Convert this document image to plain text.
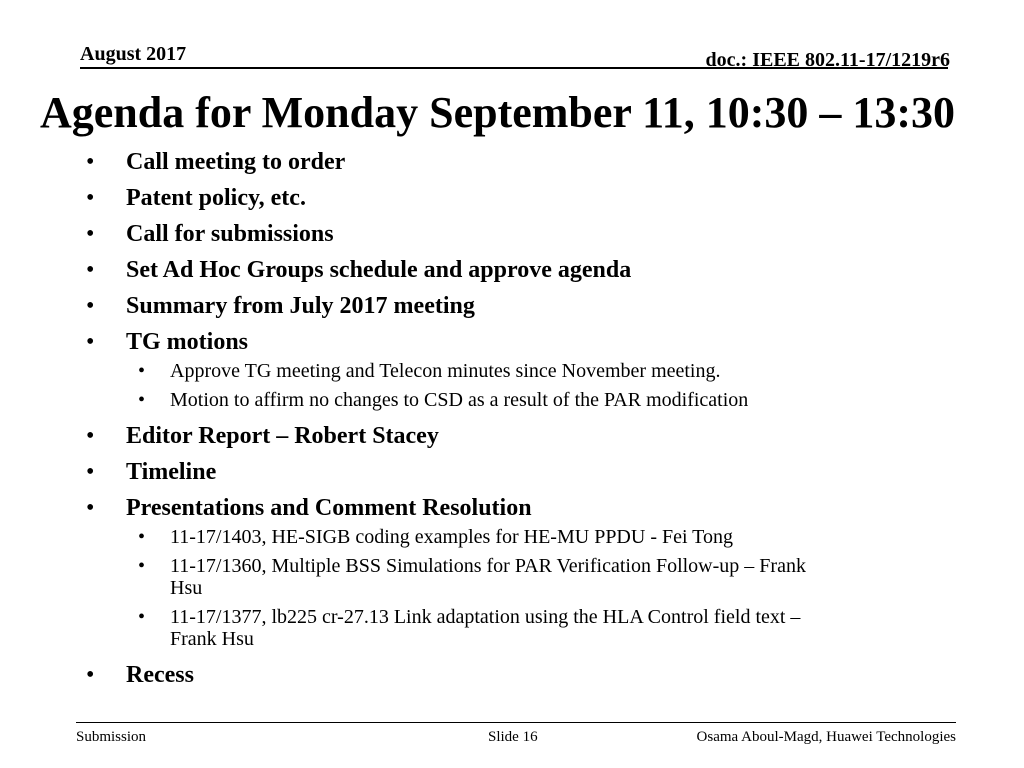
August 2017	doc.: IEEE 802.11-17/1219r6
Agenda for Monday September 11, 10:30 – 13:30
• Call meeting to order
• Patent policy, etc.
• Call for submissions
• Set Ad Hoc Groups schedule and approve agenda
• Summary from July 2017 meeting
• TG motions
• Approve TG meeting and Telecon minutes since November meeting.
• Motion to affirm no changes to CSD as a result of the PAR modification
• Editor Report – Robert Stacey
• Timeline
• Presentations and Comment Resolution
• 11-17/1403, HE-SIGB coding examples for HE-MU PPDU - Fei Tong
• 11-17/1360, Multiple BSS Simulations for PAR Verification Follow-up – Frank Hsu
• 11-17/1377, lb225 cr-27.13 Link adaptation using the HLA Control field text – Frank Hsu
• Recess
Submission	Slide 16	Osama Aboul-Magd, Huawei Technologies
